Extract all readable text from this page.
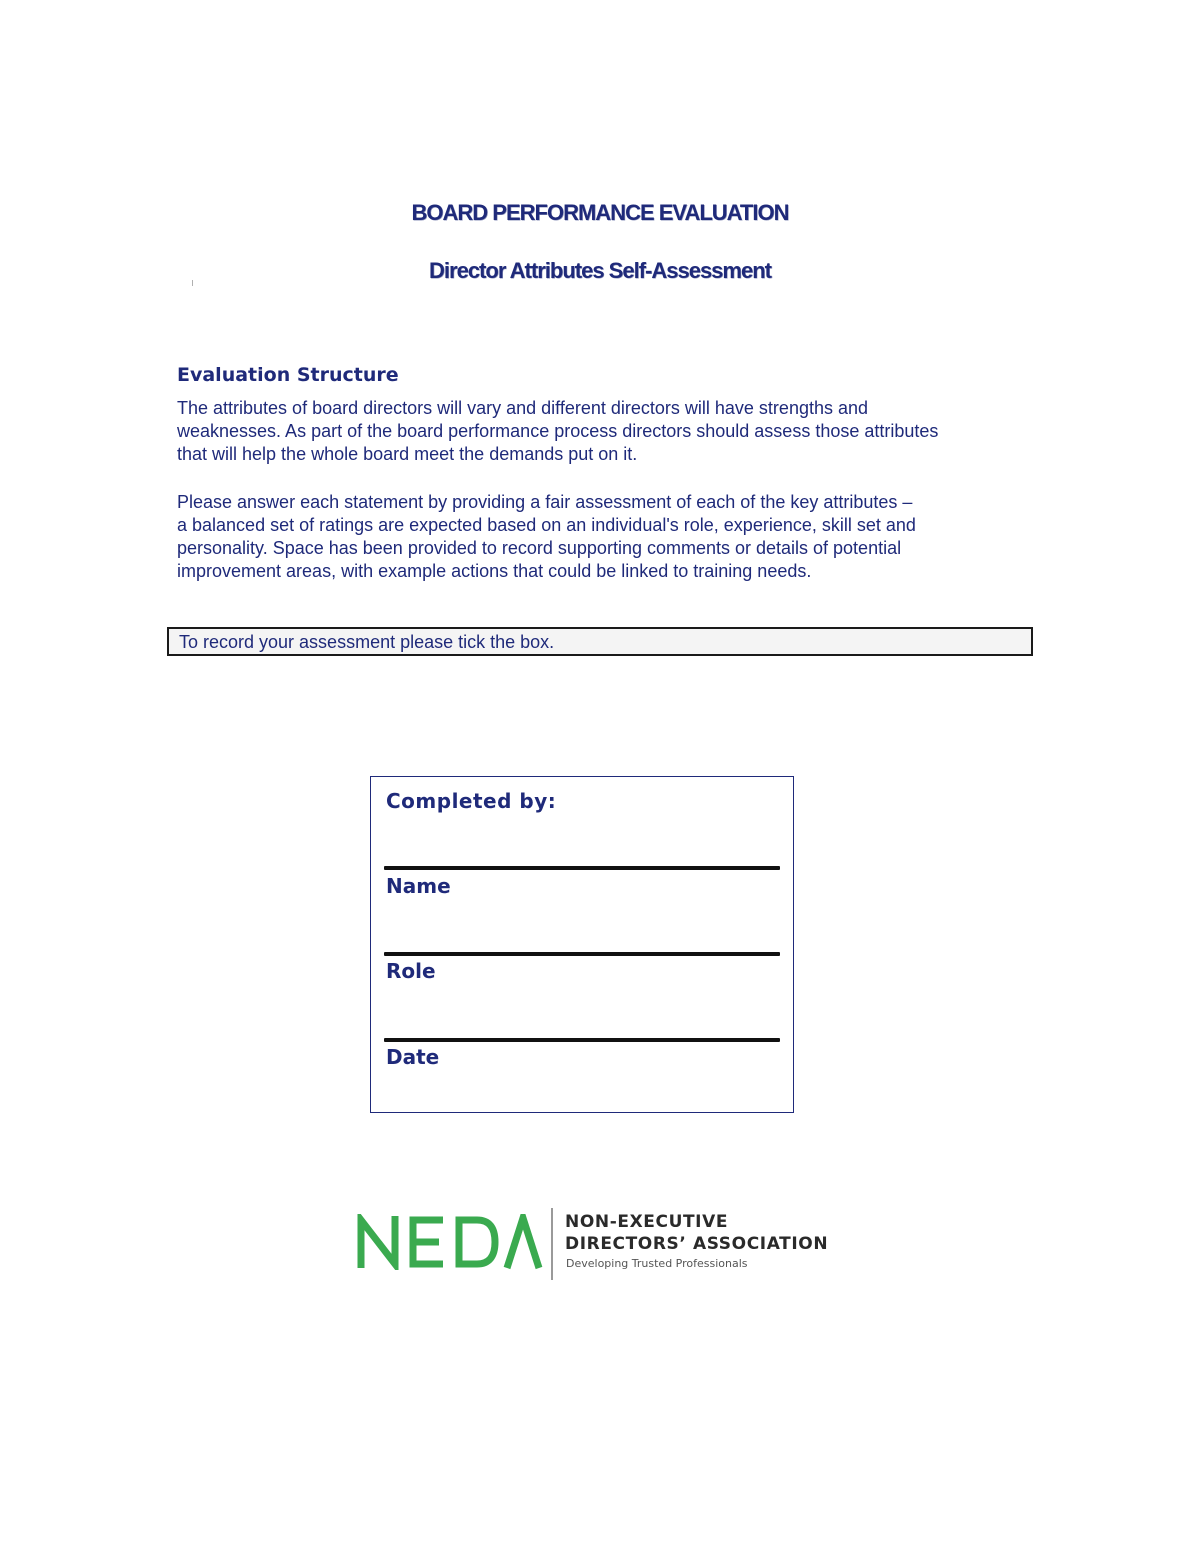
BOARD PERFORMANCE EVALUATION
Director Attributes Self-Assessment
Evaluation Structure

The attributes of board directors will vary and different directors will have strengths and
weaknesses. As part of the board performance process directors should assess those attributes
that will help the whole board meet the demands put on it.

Please answer each statement by providing a fair assessment of each of the key attributes –
a balanced set of ratings are expected based on an individual's role, experience, skill set and
personality. Space has been provided to record supporting comments or details of potential
improvement areas, with example actions that could be linked to training needs.

To record your assessment please tick the box.
Completed by:
Name
Role
Date
NON-EXECUTIVE
DIRECTORS’ ASSOCIATION
Developing Trusted Professionals
